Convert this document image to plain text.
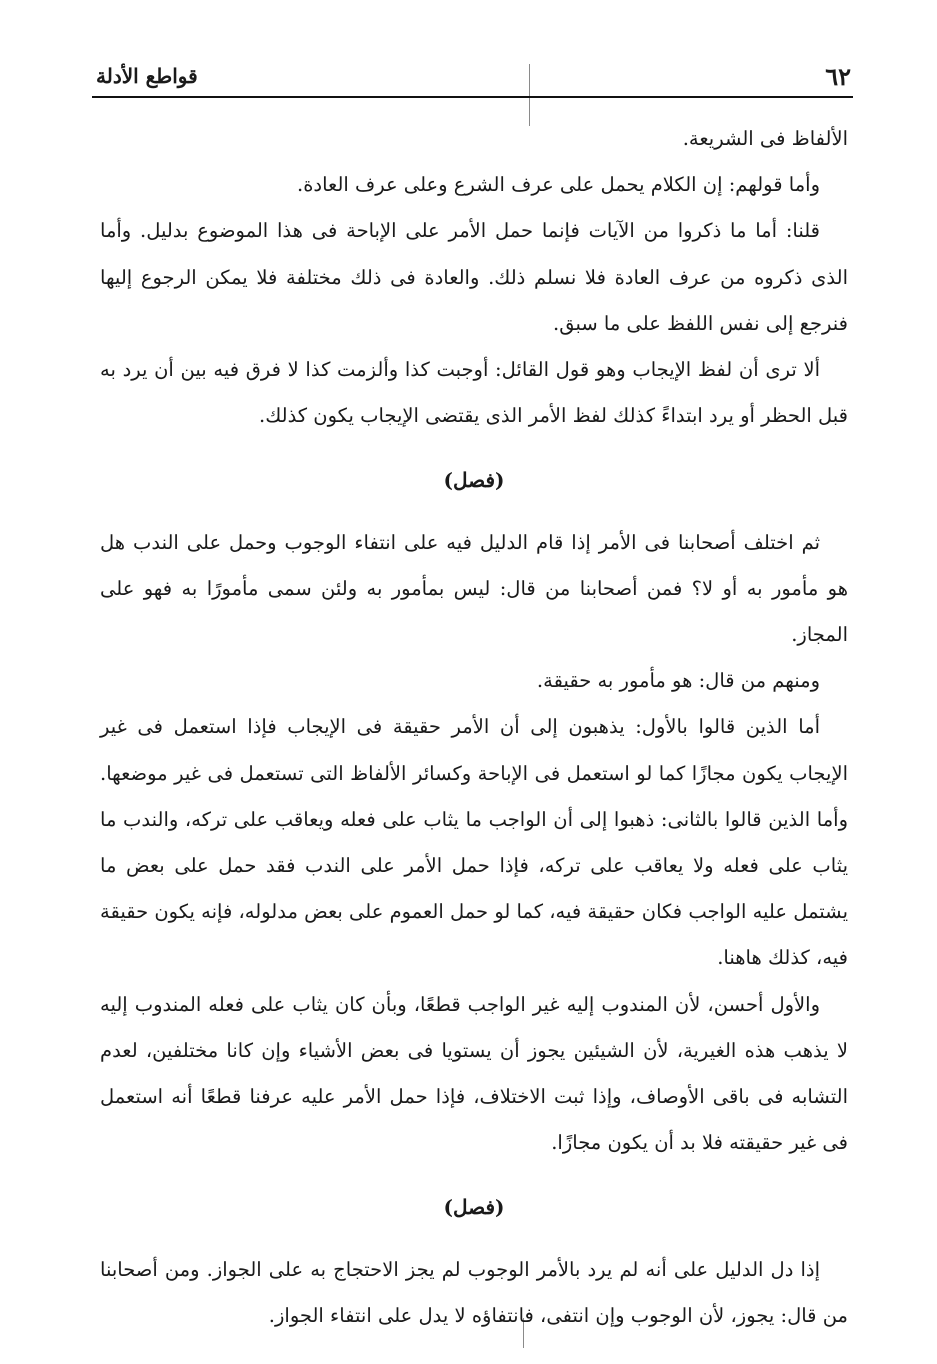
٦٢
قواطع الأدلة

الألفاظ فى الشريعة.

وأما قولهم: إن الكلام يحمل على عرف الشرع وعلى عرف العادة.

قلنا: أما ما ذكروا من الآيات فإنما حمل الأمر على الإباحة فى هذا الموضوع بدليل. وأما الذى ذكروه من عرف العادة فلا نسلم ذلك. والعادة فى ذلك مختلفة فلا يمكن الرجوع إليها فنرجع إلى نفس اللفظ على ما سبق.

ألا ترى أن لفظ الإيجاب وهو قول القائل: أوجبت كذا وألزمت كذا لا فرق فيه بين أن يرد به قبل الحظر أو يرد ابتداءً كذلك لفظ الأمر الذى يقتضى الإيجاب يكون كذلك.

(فصل)

ثم اختلف أصحابنا فى الأمر إذا قام الدليل فيه على انتفاء الوجوب وحمل على الندب هل هو مأمور به أو لا؟ فمن أصحابنا من قال: ليس بمأمور به ولئن سمى مأمورًا به فهو على المجاز.

ومنهم من قال: هو مأمور به حقيقة.

أما الذين قالوا بالأول: يذهبون إلى أن الأمر حقيقة فى الإيجاب فإذا استعمل فى غير الإيجاب يكون مجازًا كما لو استعمل فى الإباحة وكسائر الألفاظ التى تستعمل فى غير موضعها. وأما الذين قالوا بالثانى: ذهبوا إلى أن الواجب ما يثاب على فعله ويعاقب على تركه، والندب ما يثاب على فعله ولا يعاقب على تركه، فإذا حمل الأمر على الندب فقد حمل على بعض ما يشتمل عليه الواجب فكان حقيقة فيه، كما لو حمل العموم على بعض مدلوله، فإنه يكون حقيقة فيه، كذلك هاهنا.

والأول أحسن، لأن المندوب إليه غير الواجب قطعًا، وبأن كان يثاب على فعله المندوب إليه لا يذهب هذه الغيرية، لأن الشيئين يجوز أن يستويا فى بعض الأشياء وإن كانا مختلفين، لعدم التشابه فى باقى الأوصاف، وإذا ثبت الاختلاف، فإذا حمل الأمر عليه عرفنا قطعًا أنه استعمل فى غير حقيقته فلا بد أن يكون مجازًا.

(فصل)

إذا دل الدليل على أنه لم يرد بالأمر الوجوب لم يجز الاحتجاج به على الجواز. ومن أصحابنا من قال: يجوز، لأن الوجوب وإن انتفى، فانتفاؤه لا يدل على انتفاء الجواز.
